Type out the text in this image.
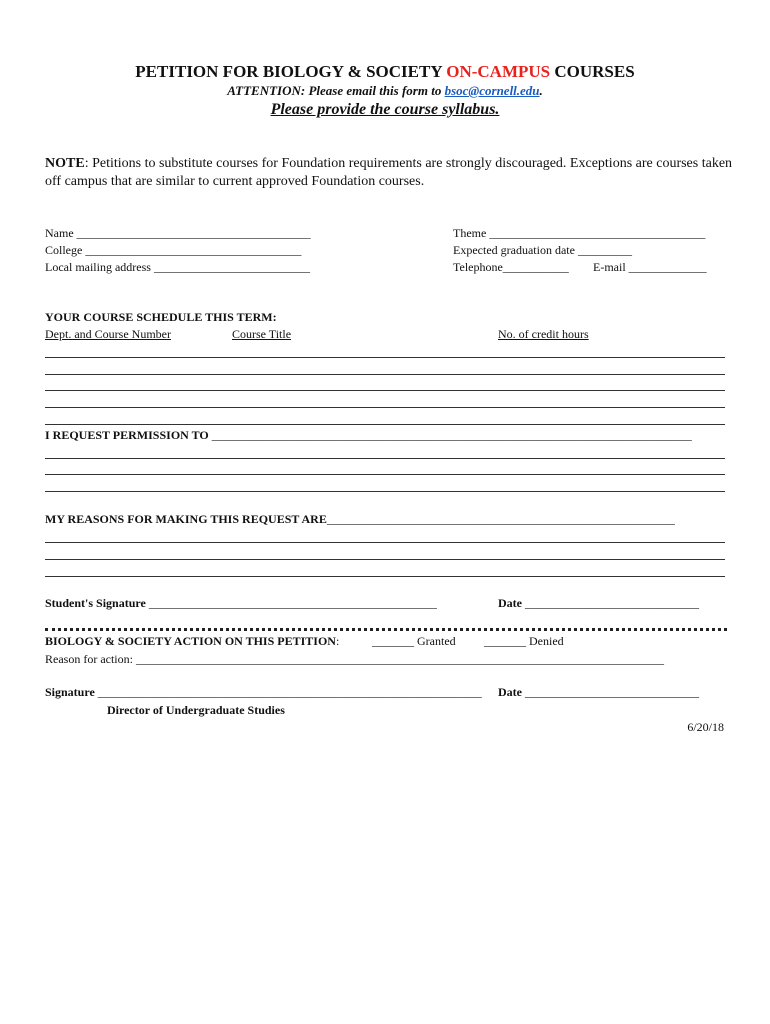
PETITION FOR BIOLOGY & SOCIETY ON-CAMPUS COURSES
ATTENTION: Please email this form to bsoc@cornell.edu.
Please provide the course syllabus.
NOTE: Petitions to substitute courses for Foundation requirements are strongly discouraged. Exceptions are courses taken off campus that are similar to current approved Foundation courses.
Name _______________________________________
College ____________________________________
Local mailing address __________________________
Theme ____________________________________
Expected graduation date _________
Telephone___________ E-mail _____________
YOUR COURSE SCHEDULE THIS TERM:
Dept. and Course Number	Course Title	No. of credit hours
I REQUEST PERMISSION TO ________________________________________________________________________________
MY REASONS FOR MAKING THIS REQUEST ARE__________________________________________________________
Student's Signature ________________________________________________	Date _____________________________
BIOLOGY & SOCIETY ACTION ON THIS PETITION:	_______ Granted _______ Denied
Reason for action: ________________________________________________________________________________________
Signature ________________________________________________________________ Date _____________________________
Director of Undergraduate Studies
6/20/18
